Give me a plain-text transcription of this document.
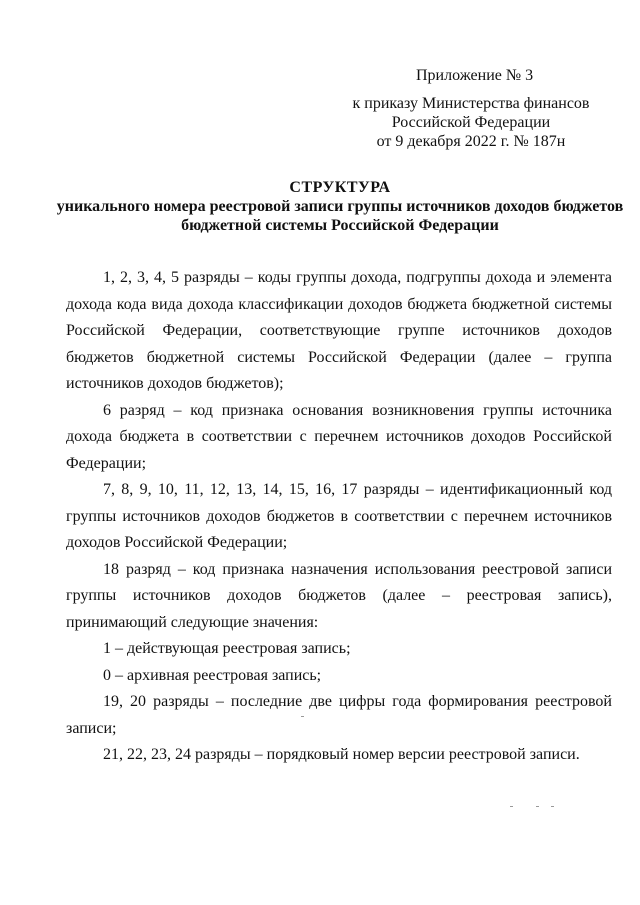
Приложение № 3
к приказу Министерства финансов
Российской Федерации
от 9 декабря 2022 г. № 187н
СТРУКТУРА
уникального номера реестровой записи группы источников доходов бюджетов
бюджетной системы Российской Федерации

1, 2, 3, 4, 5 разряды – коды группы дохода, подгруппы дохода и элемента дохода кода вида дохода классификации доходов бюджета бюджетной системы Российской Федерации, соответствующие группе источников доходов бюджетов бюджетной системы Российской Федерации (далее – группа источников доходов бюджетов);

6 разряд – код признака основания возникновения группы источника дохода бюджета в соответствии с перечнем источников доходов Российской Федерации;

7, 8, 9, 10, 11, 12, 13, 14, 15, 16, 17 разряды – идентификационный код группы источников доходов бюджетов в соответствии с перечнем источников доходов Российской Федерации;

18 разряд – код признака назначения использования реестровой записи группы источников доходов бюджетов (далее – реестровая запись), принимающий следующие значения:

1 – действующая реестровая запись;

0 – архивная реестровая запись;

19, 20 разряды – последние две цифры года формирования реестровой записи;

21, 22, 23, 24 разряды – порядковый номер версии реестровой записи.
